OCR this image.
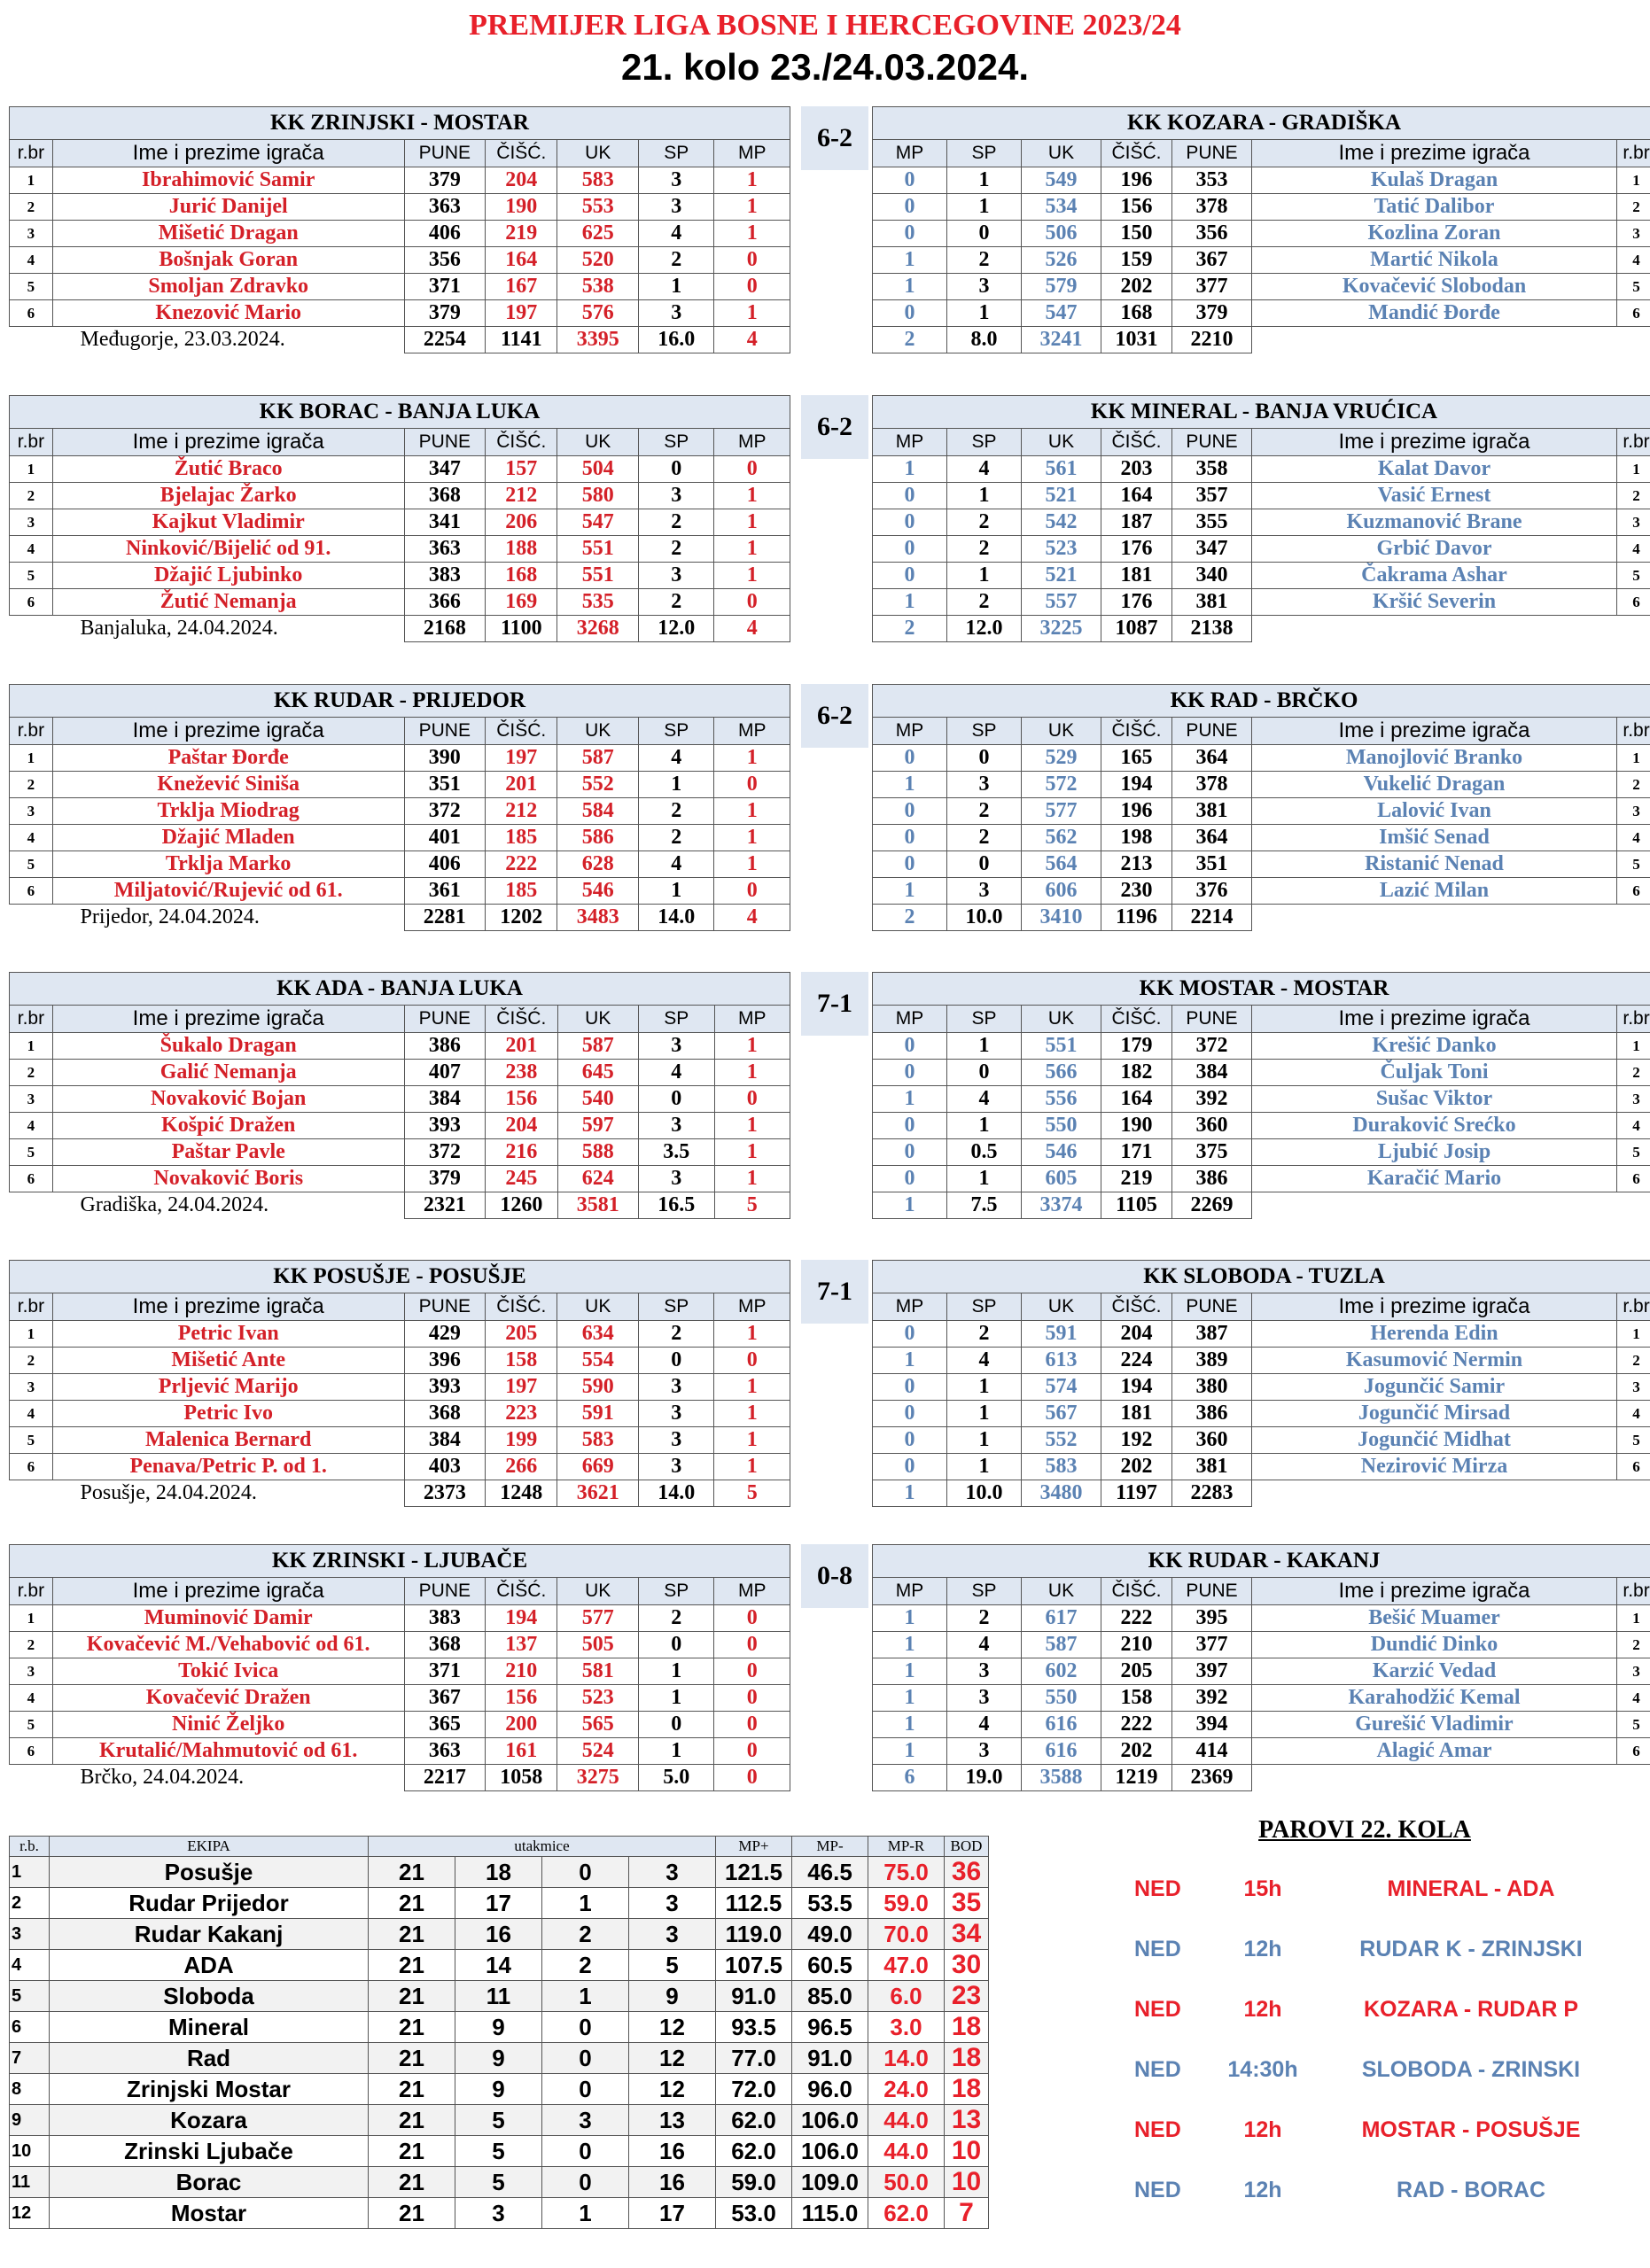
PREMIJER LIGA BOSNE I HERCEGOVINE 2023/24
21. kolo 23./24.03.2024.
6-2
KK ZRINJSKI - MOSTAR						
r.br	Ime i prezime igrača	PUNE	ČIŠĆ.	UK	SP	MP
1	Ibrahimović Samir	379	204	583	3	1
2	Jurić Danijel	363	190	553	3	1
3	Mišetić Dragan	406	219	625	4	1
4	Bošnjak Goran	356	164	520	2	0
5	Smoljan Zdravko	371	167	538	1	0
6	Knezović Mario	379	197	576	3	1
Međugorje, 23.03.2024.		2254	1141	3395	16.0	4
KK KOZARA - GRADIŠKA						
MP	SP	UK	ČIŠĆ.	PUNE	Ime i prezime igrača	r.br
0	1	549	196	353	Kulaš Dragan	1
0	1	534	156	378	Tatić Dalibor	2
0	0	506	150	356	Kozlina Zoran	3
1	2	526	159	367	Martić Nikola	4
1	3	579	202	377	Kovačević Slobodan	5
0	1	547	168	379	Mandić Đorđe	6
2	8.0	3241	1031	2210		
6-2
KK BORAC - BANJA LUKA						
r.br	Ime i prezime igrača	PUNE	ČIŠĆ.	UK	SP	MP
1	Žutić Braco	347	157	504	0	0
2	Bjelajac Žarko	368	212	580	3	1
3	Kajkut Vladimir	341	206	547	2	1
4	Ninković/Bijelić od 91.	363	188	551	2	1
5	Džajić Ljubinko	383	168	551	3	1
6	Žutić Nemanja	366	169	535	2	0
Banjaluka, 24.04.2024.		2168	1100	3268	12.0	4
KK MINERAL - BANJA VRUĆICA						
MP	SP	UK	ČIŠĆ.	PUNE	Ime i prezime igrača	r.br
1	4	561	203	358	Kalat Davor	1
0	1	521	164	357	Vasić Ernest	2
0	2	542	187	355	Kuzmanović Brane	3
0	2	523	176	347	Grbić Davor	4
0	1	521	181	340	Čakrama Ashar	5
1	2	557	176	381	Kršić Severin	6
2	12.0	3225	1087	2138		
6-2
KK RUDAR - PRIJEDOR						
r.br	Ime i prezime igrača	PUNE	ČIŠĆ.	UK	SP	MP
1	Paštar Đorđe	390	197	587	4	1
2	Knežević Siniša	351	201	552	1	0
3	Trklja Miodrag	372	212	584	2	1
4	Džajić Mladen	401	185	586	2	1
5	Trklja Marko	406	222	628	4	1
6	Miljatović/Rujević od 61.	361	185	546	1	0
Prijedor, 24.04.2024.		2281	1202	3483	14.0	4
KK RAD - BRČKO						
MP	SP	UK	ČIŠĆ.	PUNE	Ime i prezime igrača	r.br
0	0	529	165	364	Manojlović Branko	1
1	3	572	194	378	Vukelić Dragan	2
0	2	577	196	381	Lalović Ivan	3
0	2	562	198	364	Imšić Senad	4
0	0	564	213	351	Ristanić Nenad	5
1	3	606	230	376	Lazić Milan	6
2	10.0	3410	1196	2214		
7-1
KK ADA - BANJA LUKA						
r.br	Ime i prezime igrača	PUNE	ČIŠĆ.	UK	SP	MP
1	Šukalo Dragan	386	201	587	3	1
2	Galić Nemanja	407	238	645	4	1
3	Novaković Bojan	384	156	540	0	0
4	Košpić Dražen	393	204	597	3	1
5	Paštar Pavle	372	216	588	3.5	1
6	Novaković Boris	379	245	624	3	1
Gradiška, 24.04.2024.		2321	1260	3581	16.5	5
KK MOSTAR - MOSTAR						
MP	SP	UK	ČIŠĆ.	PUNE	Ime i prezime igrača	r.br
0	1	551	179	372	Krešić Danko	1
0	0	566	182	384	Čuljak Toni	2
1	4	556	164	392	Sušac Viktor	3
0	1	550	190	360	Duraković Srećko	4
0	0.5	546	171	375	Ljubić Josip	5
0	1	605	219	386	Karačić Mario	6
1	7.5	3374	1105	2269		
7-1
KK POSUŠJE - POSUŠJE						
r.br	Ime i prezime igrača	PUNE	ČIŠĆ.	UK	SP	MP
1	Petric Ivan	429	205	634	2	1
2	Mišetić Ante	396	158	554	0	0
3	Prljević Marijo	393	197	590	3	1
4	Petric Ivo	368	223	591	3	1
5	Malenica Bernard	384	199	583	3	1
6	Penava/Petric P. od 1.	403	266	669	3	1
Posušje, 24.04.2024.		2373	1248	3621	14.0	5
KK SLOBODA - TUZLA						
MP	SP	UK	ČIŠĆ.	PUNE	Ime i prezime igrača	r.br
0	2	591	204	387	Herenda Edin	1
1	4	613	224	389	Kasumović Nermin	2
0	1	574	194	380	Jogunčić Samir	3
0	1	567	181	386	Jogunčić Mirsad	4
0	1	552	192	360	Jogunčić Midhat	5
0	1	583	202	381	Nezirović Mirza	6
1	10.0	3480	1197	2283		
0-8
KK ZRINSKI - LJUBAČE						
r.br	Ime i prezime igrača	PUNE	ČIŠĆ.	UK	SP	MP
1	Muminović Damir	383	194	577	2	0
2	Kovačević M./Vehabović od 61.	368	137	505	0	0
3	Tokić Ivica	371	210	581	1	0
4	Kovačević Dražen	367	156	523	1	0
5	Ninić Željko	365	200	565	0	0
6	Krutalić/Mahmutović od 61.	363	161	524	1	0
Brčko, 24.04.2024.		2217	1058	3275	5.0	0
KK RUDAR - KAKANJ						
MP	SP	UK	ČIŠĆ.	PUNE	Ime i prezime igrača	r.br
1	2	617	222	395	Bešić Muamer	1
1	4	587	210	377	Dundić Dinko	2
1	3	602	205	397	Karzić Vedad	3
1	3	550	158	392	Karahodžić Kemal	4
1	4	616	222	394	Gurešić Vladimir	5
1	3	616	202	414	Alagić Amar	6
6	19.0	3588	1219	2369		
r.b.	EKIPA	utakmice				MP+	MP-	MP-R	BOD
1	Posušje	21	18	0	3	121.5	46.5	75.0	36
2	Rudar Prijedor	21	17	1	3	112.5	53.5	59.0	35
3	Rudar Kakanj	21	16	2	3	119.0	49.0	70.0	34
4	ADA	21	14	2	5	107.5	60.5	47.0	30
5	Sloboda	21	11	1	9	91.0	85.0	6.0	23
6	Mineral	21	9	0	12	93.5	96.5	3.0	18
7	Rad	21	9	0	12	77.0	91.0	14.0	18
8	Zrinjski Mostar	21	9	0	12	72.0	96.0	24.0	18
9	Kozara	21	5	3	13	62.0	106.0	44.0	13
10	Zrinski Ljubače	21	5	0	16	62.0	106.0	44.0	10
11	Borac	21	5	0	16	59.0	109.0	50.0	10
12	Mostar	21	3	1	17	53.0	115.0	62.0	7
PAROVI 22. KOLA
NED	15h	MINERAL - ADA
NED	12h	RUDAR K - ZRINJSKI
NED	12h	KOZARA - RUDAR P
NED	14:30h	SLOBODA - ZRINSKI
NED	12h	MOSTAR - POSUŠJE
NED	12h	RAD - BORAC
